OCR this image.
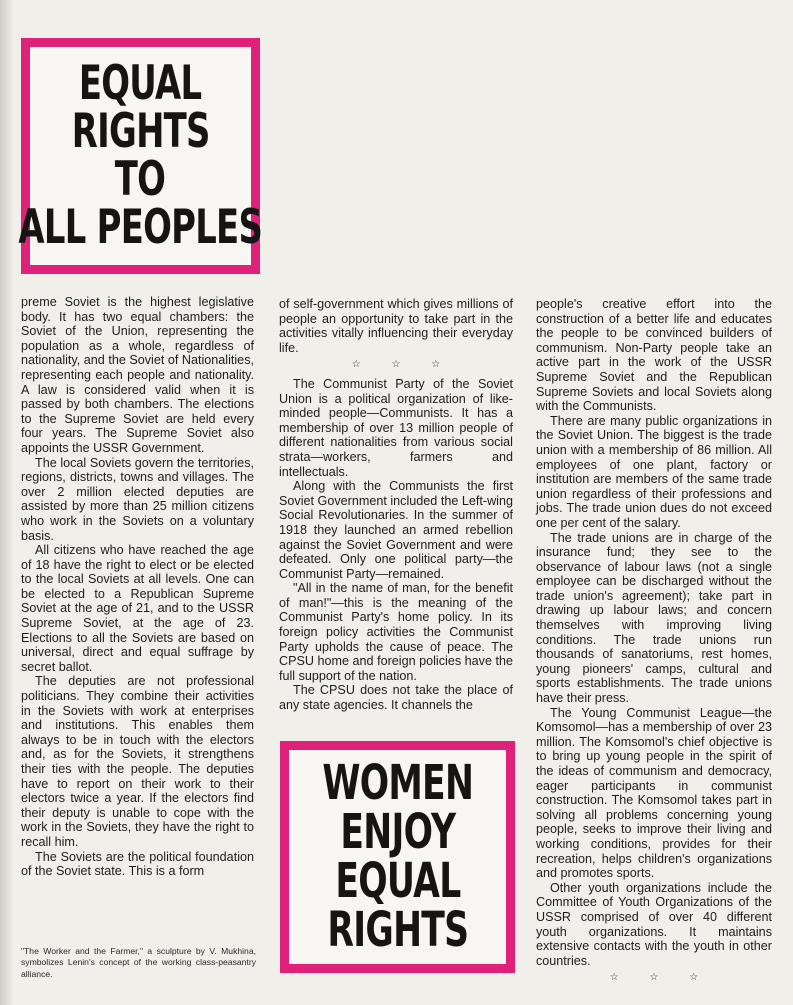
EQUAL
RIGHTS
TO
ALL PEOPLES

preme Soviet is the highest legislative body. It has two equal chambers: the Soviet of the Union, representing the population as a whole, regardless of nationality, and the Soviet of Nationalities, representing each people and nationality. A law is considered valid when it is passed by both chambers. The elections to the Supreme Soviet are held every four years. The Supreme Soviet also appoints the USSR Government.

The local Soviets govern the territories, regions, districts, towns and villages. The over 2 million elected deputies are assisted by more than 25 million citizens who work in the Soviets on a voluntary basis.

All citizens who have reached the age of 18 have the right to elect or be elected to the local Soviets at all levels. One can be elected to a Republican Supreme Soviet at the age of 21, and to the USSR Supreme Soviet, at the age of 23. Elections to all the Soviets are based on universal, direct and equal suffrage by secret ballot.

The deputies are not professional politicians. They combine their activities in the Soviets with work at enterprises and institutions. This enables them always to be in touch with the electors and, as for the Soviets, it strengthens their ties with the people. The deputies have to report on their work to their electors twice a year. If the electors find their deputy is unable to cope with the work in the Soviets, they have the right to recall him.

The Soviets are the political foundation of the Soviet state. This is a form

of self-government which gives millions of people an opportunity to take part in the activities vitally influencing their everyday life.

☆ ☆ ☆

The Communist Party of the Soviet Union is a political organization of like-minded people—Communists. It has a membership of over 13 million people of different nationalities from various social strata—workers, farmers and intellectuals.

Along with the Communists the first Soviet Government included the Left-wing Social Revolutionaries. In the summer of 1918 they launched an armed rebellion against the Soviet Government and were defeated. Only one political party—the Communist Party—remained.

"All in the name of man, for the benefit of man!"—this is the meaning of the Communist Party's home policy. In its foreign policy activities the Communist Party upholds the cause of peace. The CPSU home and foreign policies have the full support of the nation.

The CPSU does not take the place of any state agencies. It channels the

people's creative effort into the construction of a better life and educates the people to be convinced builders of communism. Non-Party people take an active part in the work of the USSR Supreme Soviet and the Republican Supreme Soviets and local Soviets along with the Communists.

There are many public organizations in the Soviet Union. The biggest is the trade union with a membership of 86 million. All employees of one plant, factory or institution are members of the same trade union regardless of their professions and jobs. The trade union dues do not exceed one per cent of the salary.

The trade unions are in charge of the insurance fund; they see to the observance of labour laws (not a single employee can be discharged without the trade union's agreement); take part in drawing up labour laws; and concern themselves with improving living conditions. The trade unions run thousands of sanatoriums, rest homes, young pioneers' camps, cultural and sports establishments. The trade unions have their press.

The Young Communist League—the Komsomol—has a membership of over 23 million. The Komsomol's chief objective is to bring up young people in the spirit of the ideas of communism and democracy, eager participants in communist construction. The Komsomol takes part in solving all problems concerning young people, seeks to improve their living and working conditions, provides for their recreation, helps children's organizations and promotes sports.

Other youth organizations include the Committee of Youth Organizations of the USSR comprised of over 40 different youth organizations. It maintains extensive contacts with the youth in other countries.

☆ ☆ ☆
WOMEN
ENJOY
EQUAL
RIGHTS
"The Worker and the Farmer," a sculpture by V. Mukhina, symbolizes Lenin's concept of the working class-peasantry alliance.
